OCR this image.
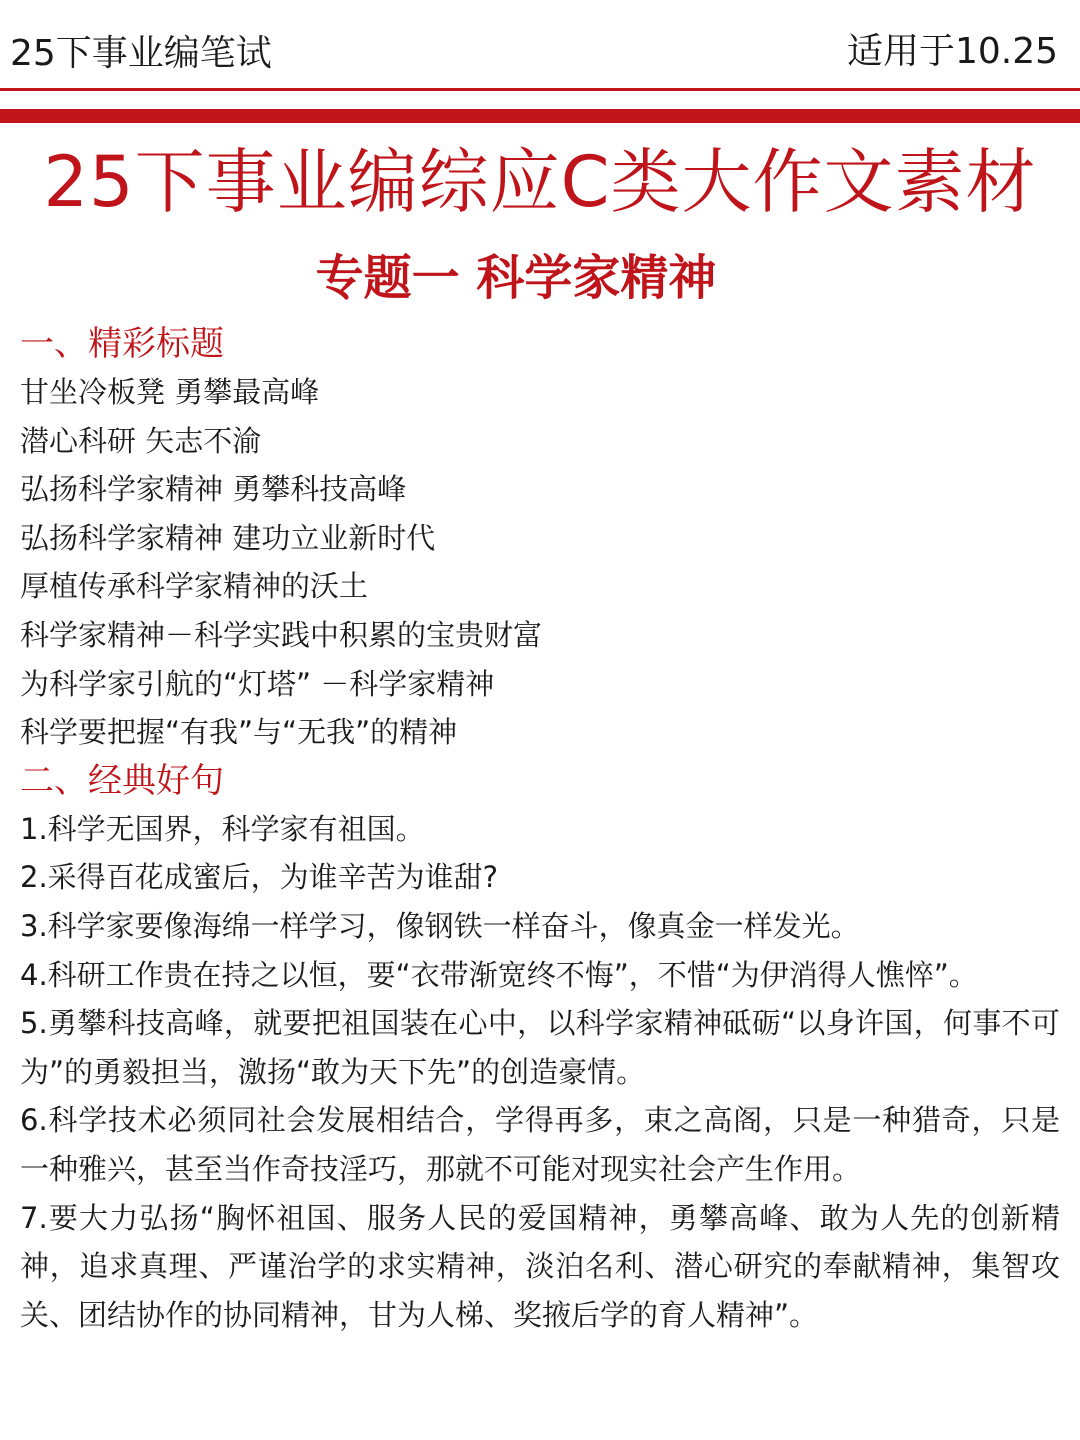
25下事业编笔试	适用于10.25
25下事业编综应C类大作文素材
专题一 科学家精神
一、精彩标题
甘坐冷板凳 勇攀最高峰
潜心科研 矢志不渝
弘扬科学家精神 勇攀科技高峰
弘扬科学家精神 建功立业新时代
厚植传承科学家精神的沃土
科学家精神－科学实践中积累的宝贵财富
为科学家引航的“灯塔” －科学家精神
科学要把握“有我”与“无我”的精神
二、经典好句
1.科学无国界，科学家有祖国。
2.采得百花成蜜后，为谁辛苦为谁甜?
3.科学家要像海绵一样学习，像钢铁一样奋斗，像真金一样发光。
4.科研工作贵在持之以恒，要“衣带渐宽终不悔”，不惜“为伊消得人憔悴”。
5.勇攀科技高峰，就要把祖国装在心中，以科学家精神砥砺“以身许国，何事不可为”的勇毅担当，激扬“敢为天下先”的创造豪情。
6.科学技术必须同社会发展相结合，学得再多，束之高阁，只是一种猎奇，只是一种雅兴，甚至当作奇技淫巧，那就不可能对现实社会产生作用。
7.要大力弘扬“胸怀祖国、服务人民的爱国精神，勇攀高峰、敢为人先的创新精神，追求真理、严谨治学的求实精神，淡泊名利、潜心研究的奉献精神，集智攻关、团结协作的协同精神，甘为人梯、奖掖后学的育人精神”。
